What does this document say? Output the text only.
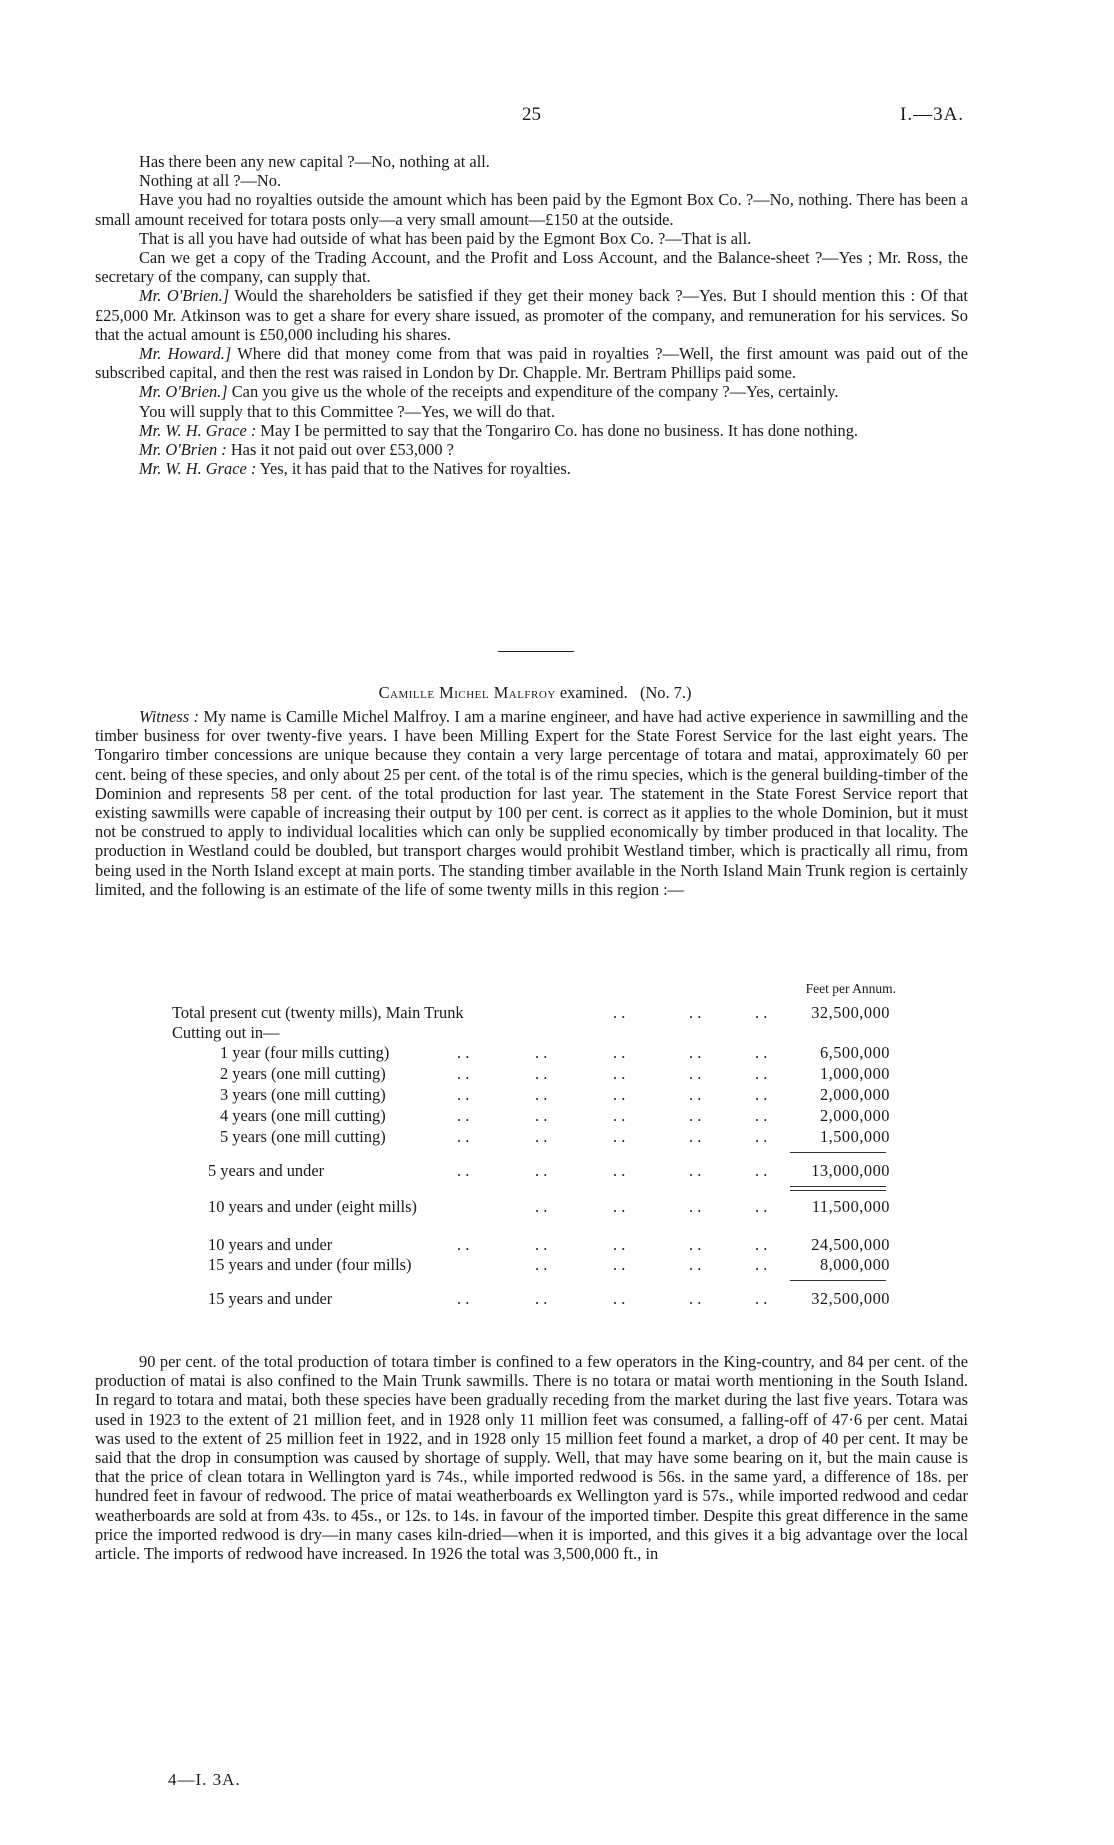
25	I.—3A.

Has there been any new capital ?—No, nothing at all.

Nothing at all ?—No.

Have you had no royalties outside the amount which has been paid by the Egmont Box Co. ?—No, nothing. There has been a small amount received for totara posts only—a very small amount—£150 at the outside.

That is all you have had outside of what has been paid by the Egmont Box Co. ?—That is all.

Can we get a copy of the Trading Account, and the Profit and Loss Account, and the Balance-sheet ?—Yes ; Mr. Ross, the secretary of the company, can supply that.

Mr. O'Brien.] Would the shareholders be satisfied if they get their money back ?—Yes. But I should mention this : Of that £25,000 Mr. Atkinson was to get a share for every share issued, as promoter of the company, and remuneration for his services. So that the actual amount is £50,000 including his shares.

Mr. Howard.] Where did that money come from that was paid in royalties ?—Well, the first amount was paid out of the subscribed capital, and then the rest was raised in London by Dr. Chapple. Mr. Bertram Phillips paid some.

Mr. O'Brien.] Can you give us the whole of the receipts and expenditure of the company ?—Yes, certainly.

You will supply that to this Committee ?—Yes, we will do that.

Mr. W. H. Grace : May I be permitted to say that the Tongariro Co. has done no business. It has done nothing.

Mr. O'Brien : Has it not paid out over £53,000 ?

Mr. W. H. Grace : Yes, it has paid that to the Natives for royalties.

Camille Michel Malfroy examined. (No. 7.)

Witness : My name is Camille Michel Malfroy. I am a marine engineer, and have had active experience in sawmilling and the timber business for over twenty-five years. I have been Milling Expert for the State Forest Service for the last eight years. The Tongariro timber concessions are unique because they contain a very large percentage of totara and matai, approximately 60 per cent. being of these species, and only about 25 per cent. of the total is of the rimu species, which is the general building-timber of the Dominion and represents 58 per cent. of the total production for last year. The statement in the State Forest Service report that existing sawmills were capable of increasing their output by 100 per cent. is correct as it applies to the whole Dominion, but it must not be construed to apply to individual localities which can only be supplied economically by timber produced in that locality. The production in Westland could be doubled, but transport charges would prohibit Westland timber, which is practically all rimu, from being used in the North Island except at main ports. The standing timber available in the North Island Main Trunk region is certainly limited, and the following is an estimate of the life of some twenty mills in this region :—

Feet per Annum.
Total present cut (twenty mills), Main Trunk	. .	. .	. .	32,500,000
Cutting out in—
1 year (four mills cutting)	. .	. .	. .	. .	. .	6,500,000
2 years (one mill cutting)	. .	. .	. .	. .	. .	1,000,000
3 years (one mill cutting)	. .	. .	. .	. .	. .	2,000,000
4 years (one mill cutting)	. .	. .	. .	. .	. .	2,000,000
5 years (one mill cutting)	. .	. .	. .	. .	. .	1,500,000
5 years and under	. .	. .	. .	. .	. .	13,000,000
10 years and under (eight mills)	. .	. .	. .	. .	11,500,000
10 years and under	. .	. .	. .	. .	. .	24,500,000
15 years and under (four mills)	. .	. .	. .	. .	8,000,000
15 years and under	. .	. .	. .	. .	. .	32,500,000

90 per cent. of the total production of totara timber is confined to a few operators in the King-country, and 84 per cent. of the production of matai is also confined to the Main Trunk sawmills. There is no totara or matai worth mentioning in the South Island. In regard to totara and matai, both these species have been gradually receding from the market during the last five years. Totara was used in 1923 to the extent of 21 million feet, and in 1928 only 11 million feet was consumed, a falling-off of 47·6 per cent. Matai was used to the extent of 25 million feet in 1922, and in 1928 only 15 million feet found a market, a drop of 40 per cent. It may be said that the drop in consumption was caused by shortage of supply. Well, that may have some bearing on it, but the main cause is that the price of clean totara in Wellington yard is 74s., while imported redwood is 56s. in the same yard, a difference of 18s. per hundred feet in favour of redwood. The price of matai weatherboards ex Wellington yard is 57s., while imported redwood and cedar weatherboards are sold at from 43s. to 45s., or 12s. to 14s. in favour of the imported timber. Despite this great difference in the same price the imported redwood is dry—in many cases kiln-dried—when it is imported, and this gives it a big advantage over the local article. The imports of redwood have increased. In 1926 the total was 3,500,000 ft., in

4—I. 3A.
